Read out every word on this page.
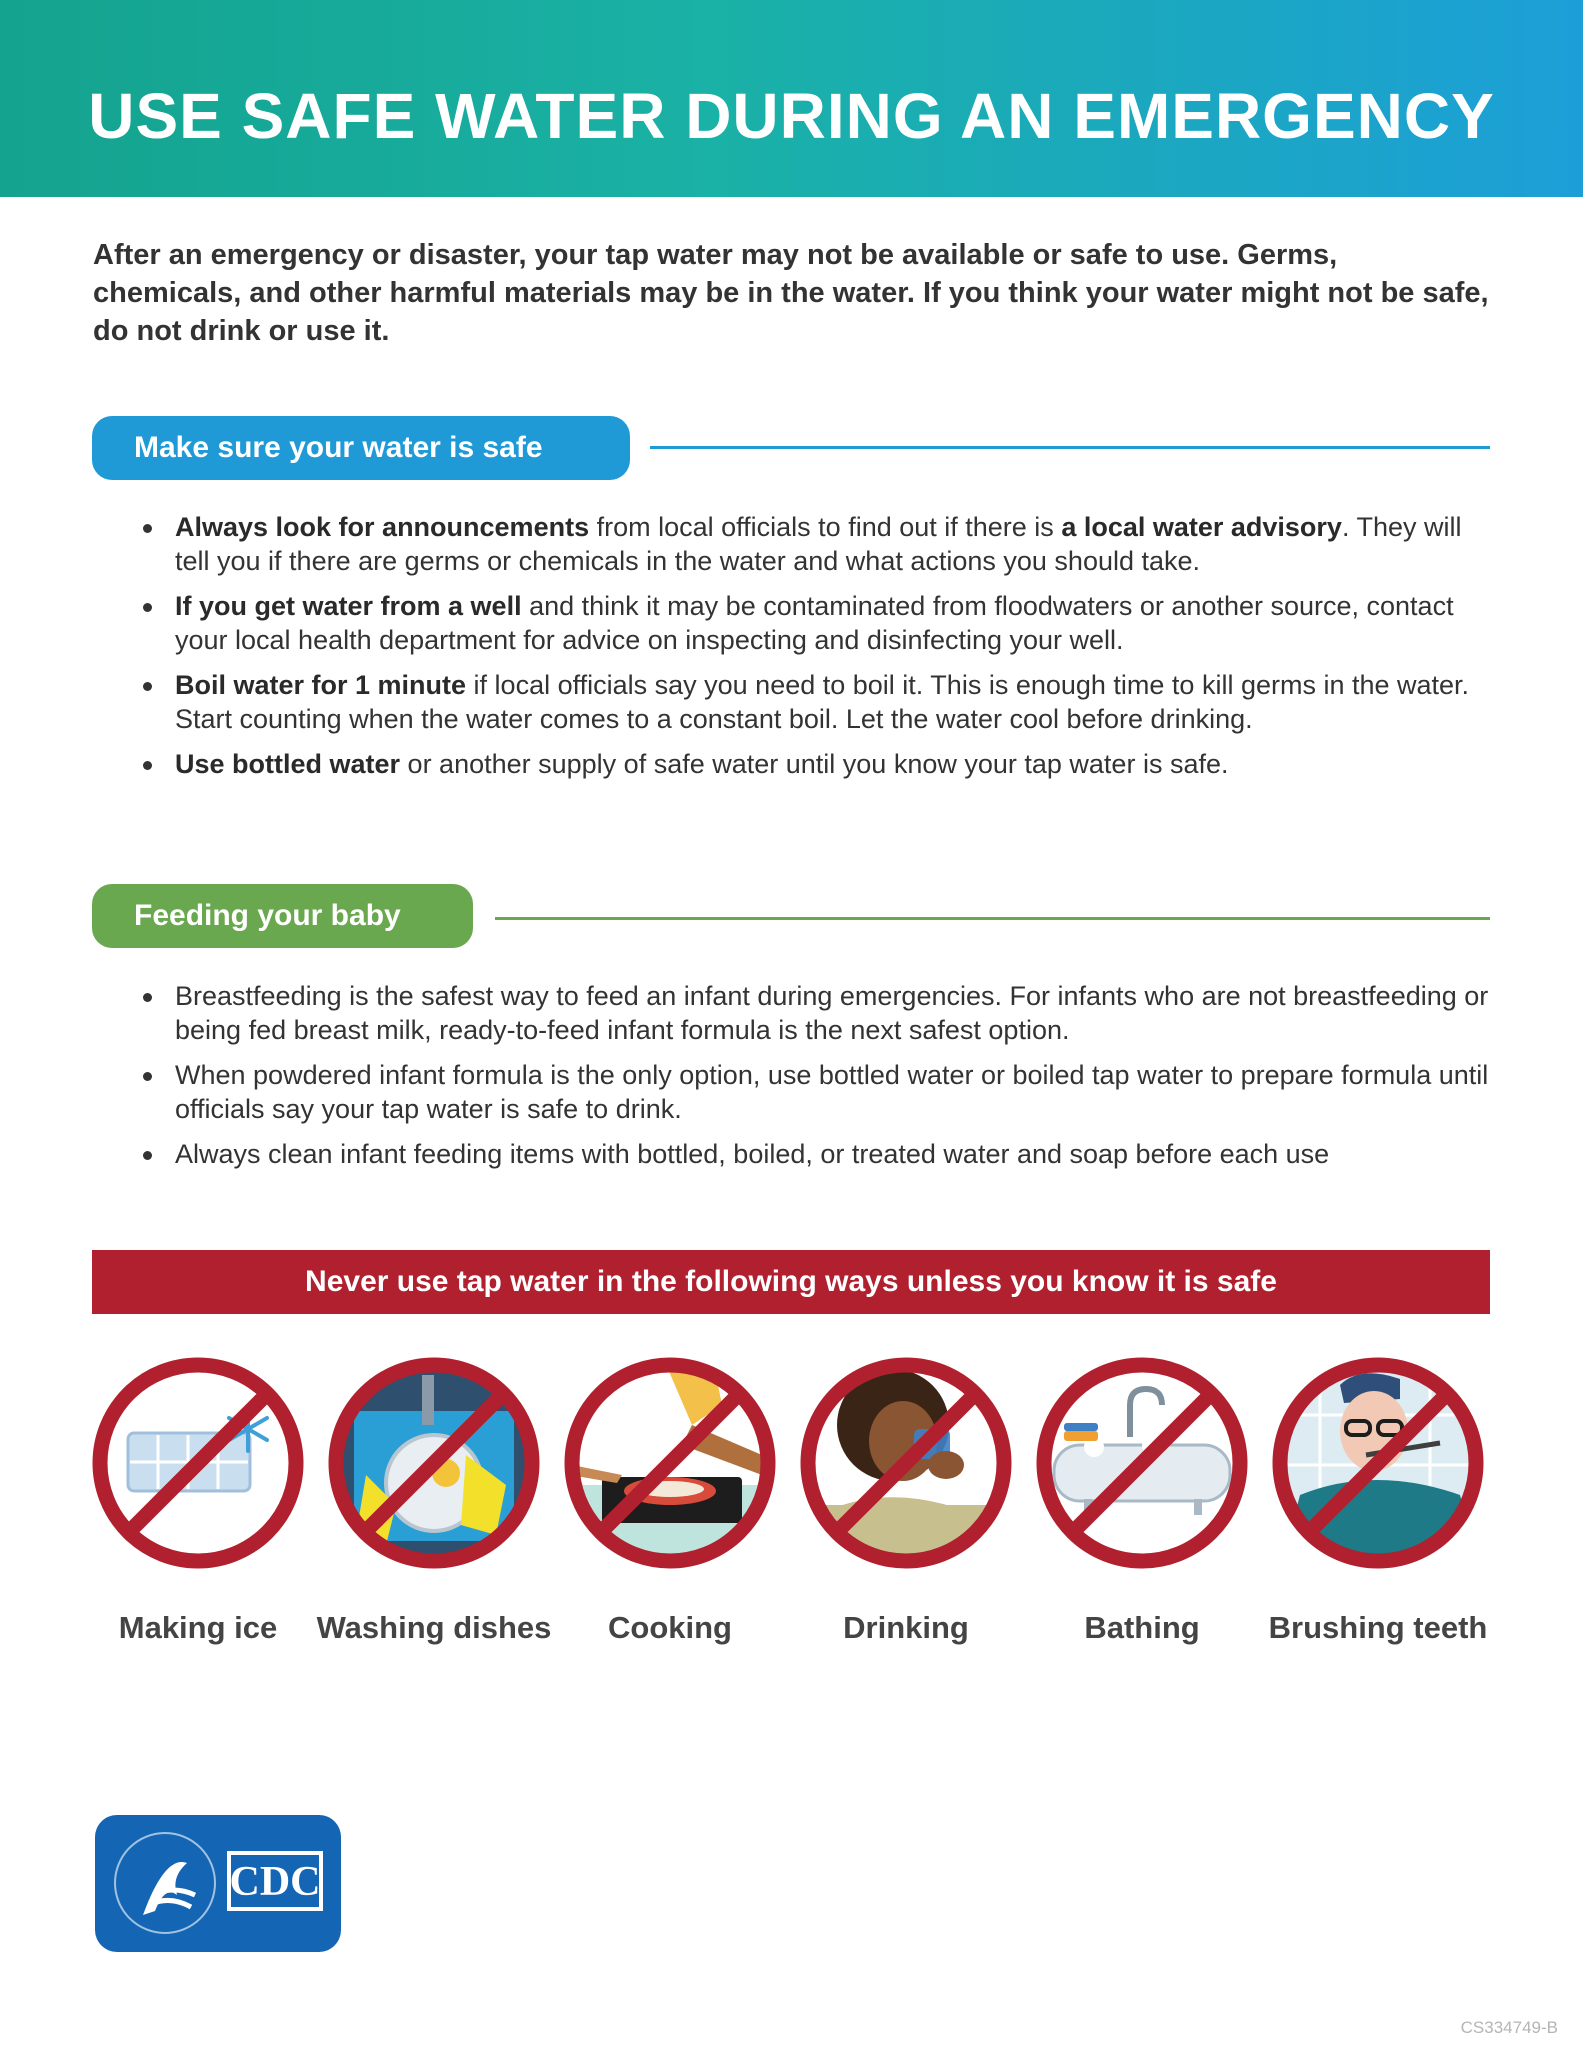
USE SAFE WATER DURING AN EMERGENCY

After an emergency or disaster, your tap water may not be available or safe to use. Germs, chemicals, and other harmful materials may be in the water. If you think your water might not be safe, do not drink or use it.

Make sure your water is safe
Always look for announcements from local officials to find out if there is a local water advisory. They will tell you if there are germs or chemicals in the water and what actions you should take.
If you get water from a well and think it may be contaminated from floodwaters or another source, contact your local health department for advice on inspecting and disinfecting your well.
Boil water for 1 minute if local officials say you need to boil it. This is enough time to kill germs in the water. Start counting when the water comes to a constant boil. Let the water cool before drinking.
Use bottled water or another supply of safe water until you know your tap water is safe.
Feeding your baby
Breastfeeding is the safest way to feed an infant during emergencies. For infants who are not breastfeeding or being fed breast milk, ready-to-feed infant formula is the next safest option.
When powdered infant formula is the only option, use bottled water or boiled tap water to prepare formula until officials say your tap water is safe to drink.
Always clean infant feeding items with bottled, boiled, or treated water and soap before each use
Never use tap water in the following ways unless you know it is safe
Making ice	Washing dishes	Cooking	Drinking	Bathing	Brushing teeth
CDC
CS334749-B
